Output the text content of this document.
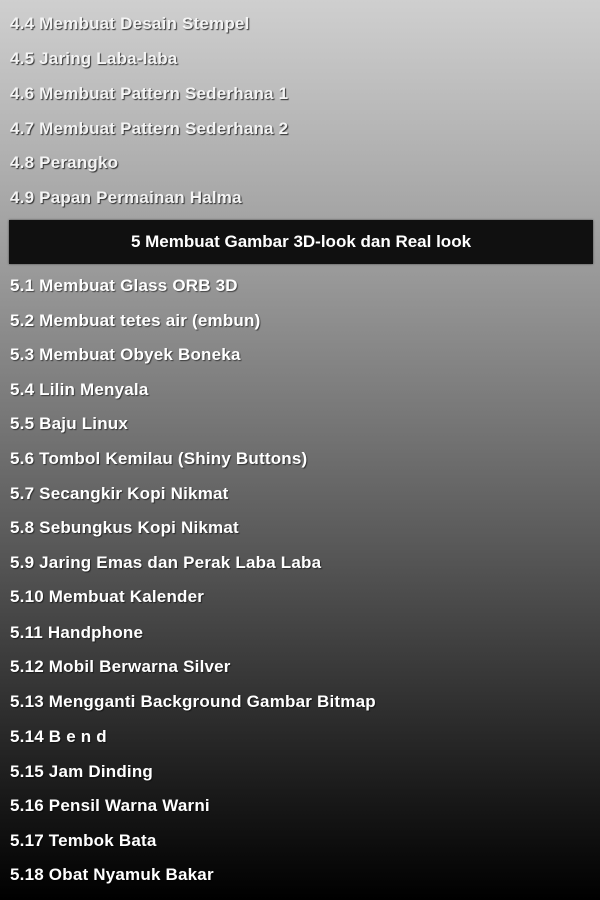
4.4 Membuat Desain Stempel
4.5 Jaring Laba-laba
4.6 Membuat Pattern Sederhana 1
4.7 Membuat Pattern Sederhana 2
4.8 Perangko
4.9 Papan Permainan Halma
5 Membuat Gambar 3D-look dan Real look
5.1 Membuat Glass ORB 3D
5.2 Membuat tetes air (embun)
5.3 Membuat Obyek Boneka
5.4 Lilin Menyala
5.5 Baju Linux
5.6 Tombol Kemilau (Shiny Buttons)
5.7 Secangkir Kopi Nikmat
5.8 Sebungkus Kopi Nikmat
5.9 Jaring Emas dan Perak Laba Laba
5.10 Membuat Kalender
5.11 Handphone
5.12 Mobil Berwarna Silver
5.13 Mengganti Background Gambar Bitmap
5.14 B e n d
5.15 Jam Dinding
5.16 Pensil Warna Warni
5.17 Tembok Bata
5.18 Obat Nyamuk Bakar
